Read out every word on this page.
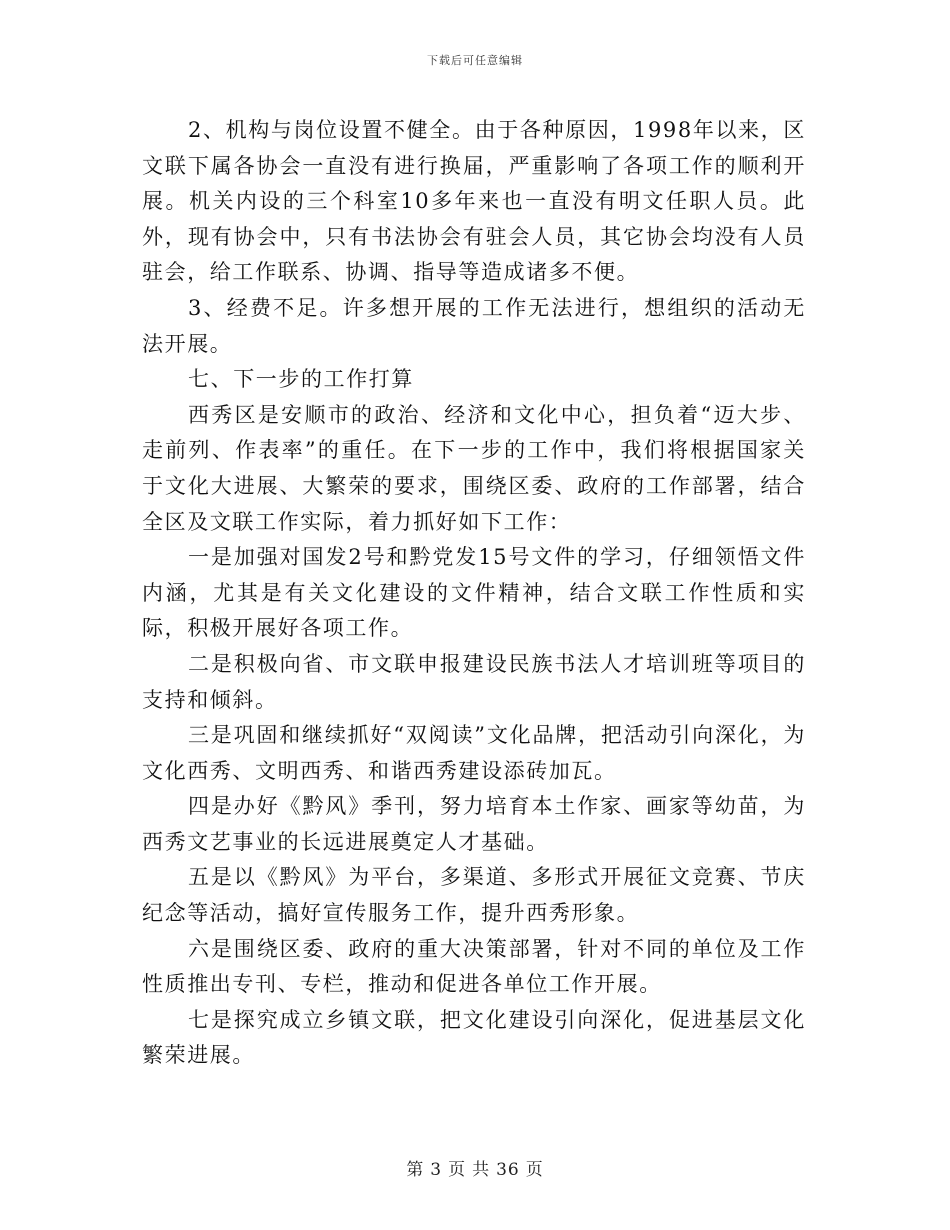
下载后可任意编辑

2、机构与岗位设置不健全。由于各种原因，1998年以来，区文联下属各协会一直没有进行换届，严重影响了各项工作的顺利开展。机关内设的三个科室10多年来也一直没有明文任职人员。此外，现有协会中，只有书法协会有驻会人员，其它协会均没有人员驻会，给工作联系、协调、指导等造成诸多不便。

3、经费不足。许多想开展的工作无法进行，想组织的活动无法开展。

七、下一步的工作打算

西秀区是安顺市的政治、经济和文化中心，担负着“迈大步、走前列、作表率”的重任。在下一步的工作中，我们将根据国家关于文化大进展、大繁荣的要求，围绕区委、政府的工作部署，结合全区及文联工作实际，着力抓好如下工作：

一是加强对国发2号和黔党发15号文件的学习，仔细领悟文件内涵，尤其是有关文化建设的文件精神，结合文联工作性质和实际，积极开展好各项工作。

二是积极向省、市文联申报建设民族书法人才培训班等项目的支持和倾斜。

三是巩固和继续抓好“双阅读”文化品牌，把活动引向深化，为文化西秀、文明西秀、和谐西秀建设添砖加瓦。

四是办好《黔风》季刊，努力培育本土作家、画家等幼苗，为西秀文艺事业的长远进展奠定人才基础。

五是以《黔风》为平台，多渠道、多形式开展征文竞赛、节庆纪念等活动，搞好宣传服务工作，提升西秀形象。

六是围绕区委、政府的重大决策部署，针对不同的单位及工作性质推出专刊、专栏，推动和促进各单位工作开展。

七是探究成立乡镇文联，把文化建设引向深化，促进基层文化繁荣进展。

第 3 页 共 36 页
